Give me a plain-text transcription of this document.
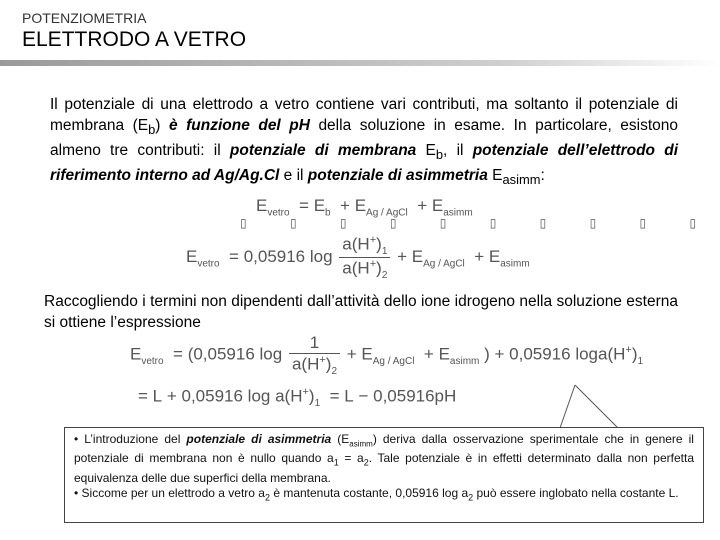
POTENZIOMETRIA
ELETTRODO A VETRO
Il potenziale di una elettrodo a vetro contiene vari contributi, ma soltanto il potenziale di membrana $(E_b)$ è funzione del pH della soluzione in esame. In particolare, esistono almeno tre contributi: il potenziale di membrana $E_b$, il potenziale dell’elettrodo di riferimento interno ad Ag/Ag.Cl e il potenziale di asimmetria $E_{asimm}$:
$E_{vetro} = E_b + E_{Ag / AgCl} + E_{asimm}$
▯ ▯ ▯ ▯ ▯ ▯ ▯ ▯ ▯ ▯
$E_{vetro} = 0,05916$ $\log \frac{a(H^+)_1}{a(H^+)_2} + E_{Ag / AgCl} + E_{asimm}$
Raccogliendo i termini non dipendenti dall’attività dello ione idrogeno nella soluzione esterna si ottiene l’espressione
$E_{vetro} = (0,05916$ $\log \frac{1}{a(H^+)_2} + E_{Ag / AgCl} + E_{asimm}$ ) + 0,05916 $\log a(H^+)_1$
= L + 0,05916 $\log a(H^+)_1 = L - 0,05916pH$

• L’introduzione del potenziale di asimmetria $(E_{asimm})$ deriva dalla osservazione sperimentale che in genere il potenziale di membrana non è nullo quando $a_1 = a_2$. Tale potenziale è in effetti determinato dalla non perfetta equivalenza delle due superfici della membrana.

• Siccome per un elettrodo a vetro $a_2$ è mantenuta costante, 0,05916 $\log a_2$ può essere inglobato nella costante L.
